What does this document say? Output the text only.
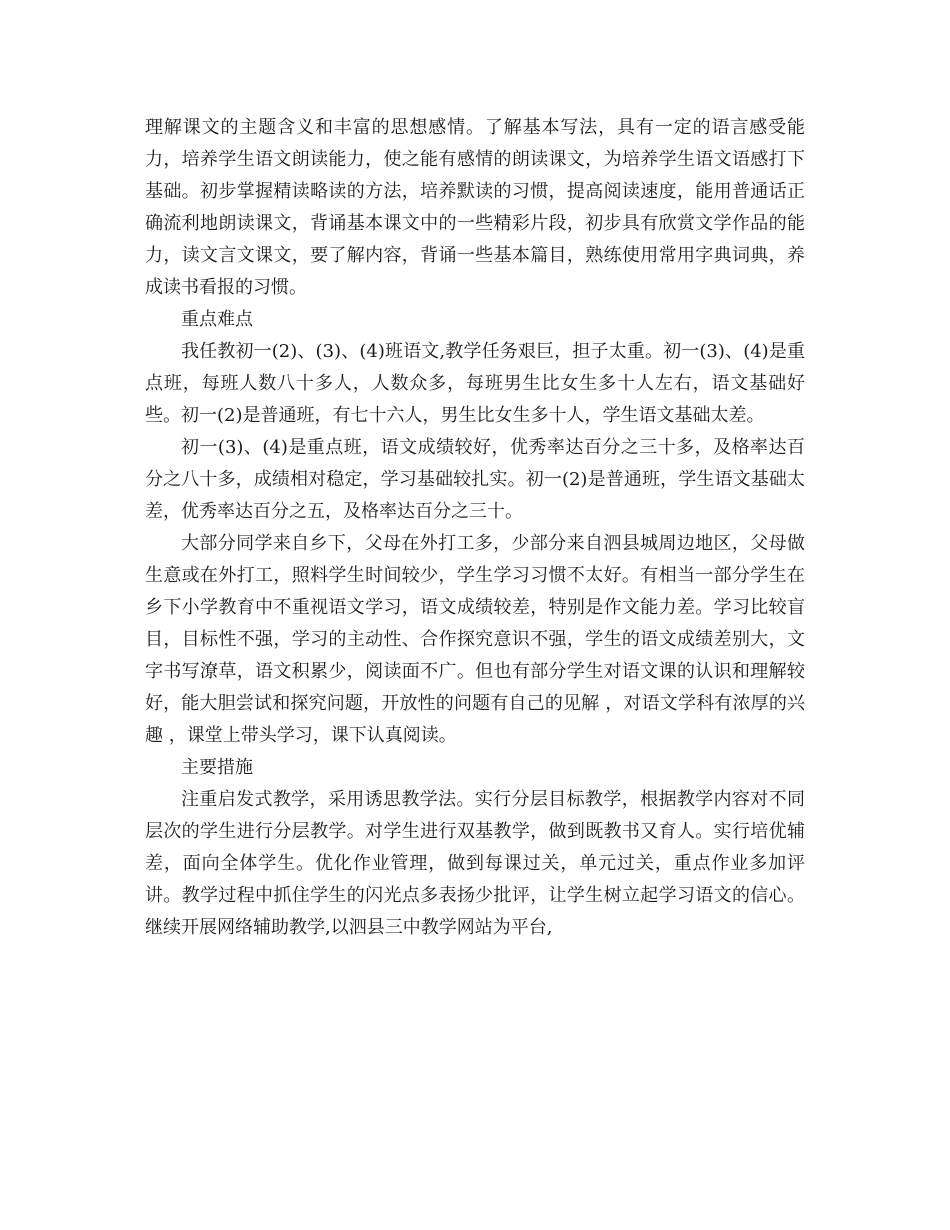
理解课文的主题含义和丰富的思想感情。了解基本写法，具有一定的语言感受能力，培养学生语文朗读能力，使之能有感情的朗读课文，为培养学生语文语感打下基础。初步掌握精读略读的方法，培养默读的习惯，提高阅读速度，能用普通话正确流利地朗读课文，背诵基本课文中的一些精彩片段，初步具有欣赏文学作品的能力，读文言文课文，要了解内容，背诵一些基本篇目，熟练使用常用字典词典，养成读书看报的习惯。

重点难点

我任教初一(2)、(3)、(4)班语文,教学任务艰巨，担子太重。初一(3)、(4)是重点班，每班人数八十多人，人数众多，每班男生比女生多十人左右，语文基础好些。初一(2)是普通班，有七十六人，男生比女生多十人，学生语文基础太差。

初一(3)、(4)是重点班，语文成绩较好，优秀率达百分之三十多，及格率达百分之八十多，成绩相对稳定，学习基础较扎实。初一(2)是普通班，学生语文基础太差，优秀率达百分之五，及格率达百分之三十。

大部分同学来自乡下，父母在外打工多，少部分来自泗县城周边地区，父母做生意或在外打工，照料学生时间较少，学生学习习惯不太好。有相当一部分学生在乡下小学教育中不重视语文学习，语文成绩较差，特别是作文能力差。学习比较盲目，目标性不强，学习的主动性、合作探究意识不强，学生的语文成绩差别大，文字书写潦草，语文积累少，阅读面不广。但也有部分学生对语文课的认识和理解较好，能大胆尝试和探究问题，开放性的问题有自己的见解 ，对语文学科有浓厚的兴趣 ，课堂上带头学习，课下认真阅读。

主要措施

注重启发式教学，采用诱思教学法。实行分层目标教学，根据教学内容对不同层次的学生进行分层教学。对学生进行双基教学，做到既教书又育人。实行培优辅差，面向全体学生。优化作业管理，做到每课过关，单元过关，重点作业多加评讲。教学过程中抓住学生的闪光点多表扬少批评，让学生树立起学习语文的信心。继续开展网络辅助教学,以泗县三中教学网站为平台,
